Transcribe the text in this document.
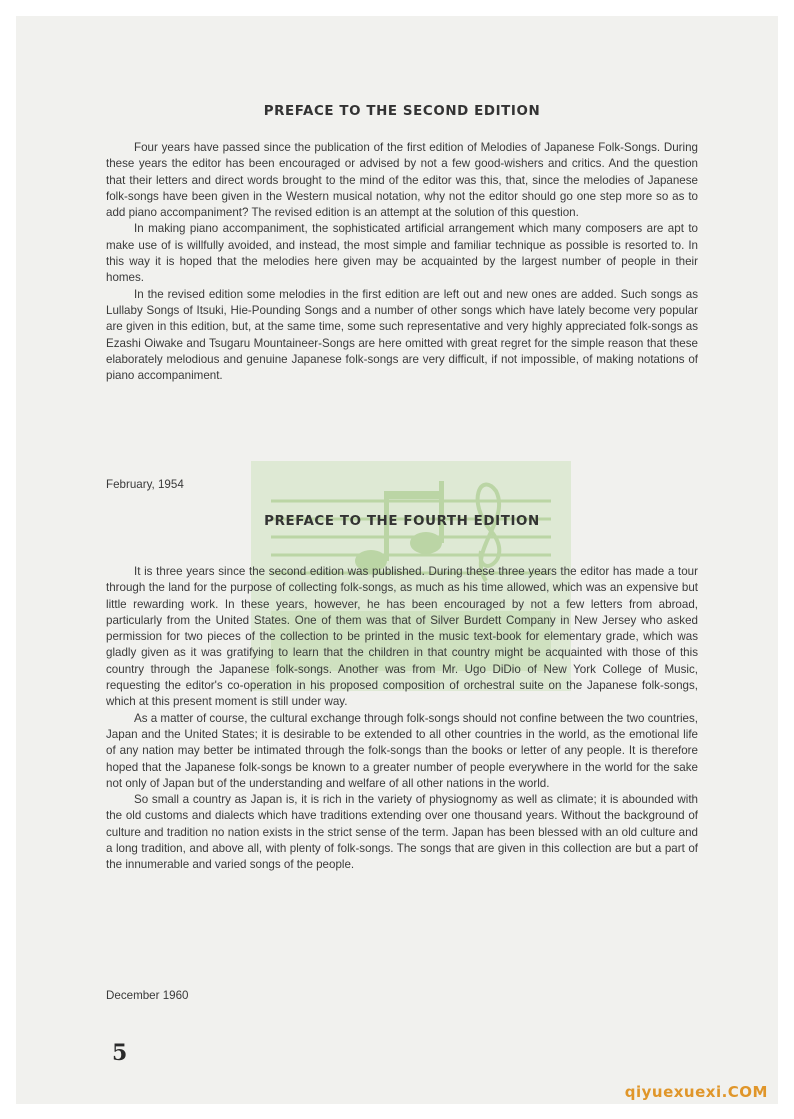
PREFACE TO THE SECOND EDITION

Four years have passed since the publication of the first edition of Melodies of Japanese Folk-Songs. During these years the editor has been encouraged or advised by not a few good-wishers and critics. And the question that their letters and direct words brought to the mind of the editor was this, that, since the melodies of Japanese folk-songs have been given in the Western musical notation, why not the editor should go one step more so as to add piano accompaniment? The revised edition is an attempt at the solution of this question.

In making piano accompaniment, the sophisticated artificial arrangement which many composers are apt to make use of is willfully avoided, and instead, the most simple and familiar technique as possible is resorted to. In this way it is hoped that the melodies here given may be acquainted by the largest number of people in their homes.

In the revised edition some melodies in the first edition are left out and new ones are added. Such songs as Lullaby Songs of Itsuki, Hie-Pounding Songs and a number of other songs which have lately become very popular are given in this edition, but, at the same time, some such representative and very highly appreciated folk-songs as Ezashi Oiwake and Tsugaru Mountaineer-Songs are here omitted with great regret for the simple reason that these elaborately melodious and genuine Japanese folk-songs are very difficult, if not impossible, of making notations of piano accompaniment.

February, 1954

PREFACE TO THE FOURTH EDITION

It is three years since the second edition was published. During these three years the editor has made a tour through the land for the purpose of collecting folk-songs, as much as his time allowed, which was an expensive but little rewarding work. In these years, however, he has been encouraged by not a few letters from abroad, particularly from the United States. One of them was that of Silver Burdett Company in New Jersey who asked permission for two pieces of the collection to be printed in the music text-book for elementary grade, which was gladly given as it was gratifying to learn that the children in that country might be acquainted with those of this country through the Japanese folk-songs. Another was from Mr. Ugo DiDio of New York College of Music, requesting the editor's co-operation in his proposed composition of orchestral suite on the Japanese folk-songs, which at this present moment is still under way.

As a matter of course, the cultural exchange through folk-songs should not confine between the two countries, Japan and the United States; it is desirable to be extended to all other countries in the world, as the emotional life of any nation may better be intimated through the folk-songs than the books or letter of any people. It is therefore hoped that the Japanese folk-songs be known to a greater number of people everywhere in the world for the sake not only of Japan but of the understanding and welfare of all other nations in the world.

So small a country as Japan is, it is rich in the variety of physiognomy as well as climate; it is abounded with the old customs and dialects which have traditions extending over one thousand years. Without the background of culture and tradition no nation exists in the strict sense of the term. Japan has been blessed with an old culture and a long tradition, and above all, with plenty of folk-songs. The songs that are given in this collection are but a part of the innumerable and varied songs of the people.

December 1960

5

qiyuexuexi.COM
